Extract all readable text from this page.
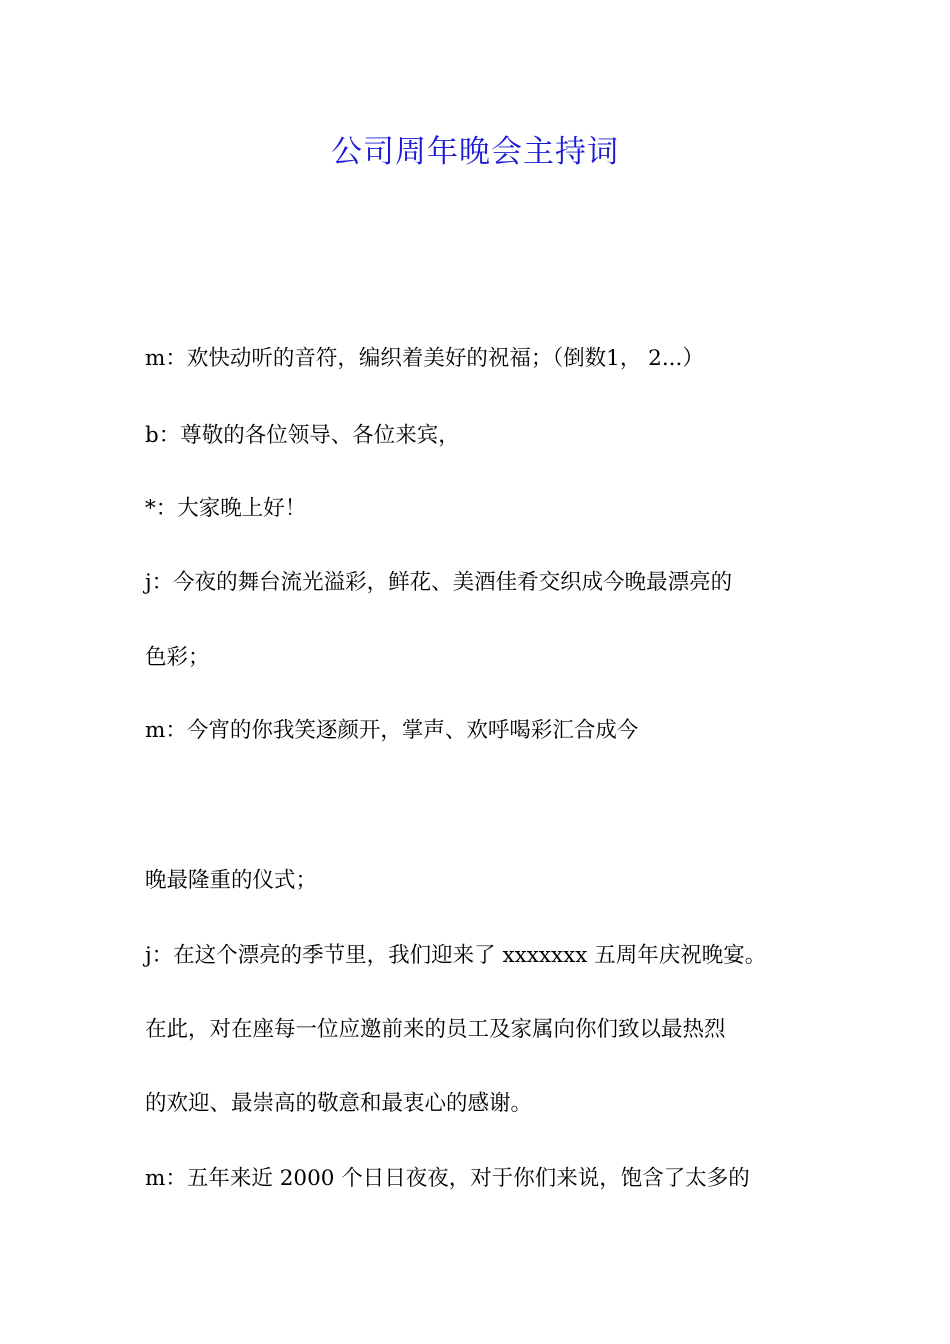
公司周年晚会主持词

m：欢快动听的音符，编织着美好的祝福；（倒数1， 2...）

b：尊敬的各位领导、各位来宾，

*：大家晚上好！

j：今夜的舞台流光溢彩，鲜花、美酒佳肴交织成今晚最漂亮的

色彩；

m：今宵的你我笑逐颜开，掌声、欢呼喝彩汇合成今

晚最隆重的仪式；

j：在这个漂亮的季节里，我们迎来了 xxxxxxx 五周年庆祝晚宴。

在此，对在座每一位应邀前来的员工及家属向你们致以最热烈

的欢迎、最崇高的敬意和最衷心的感谢。

m：五年来近 2000 个日日夜夜，对于你们来说，饱含了太多的
